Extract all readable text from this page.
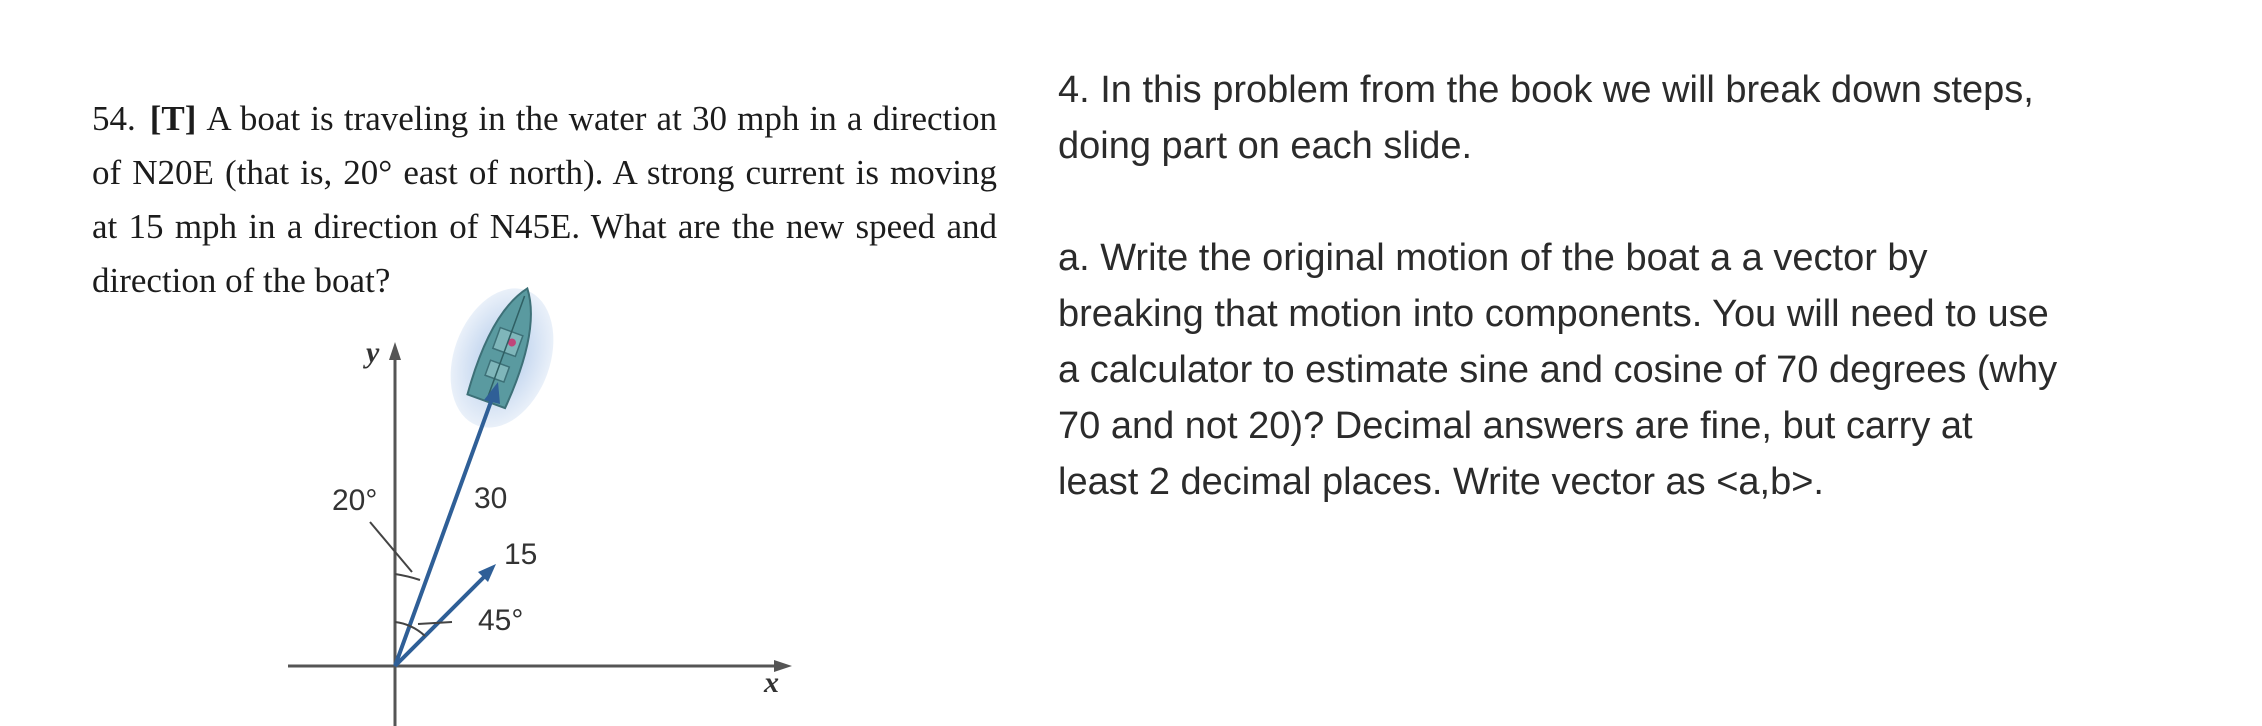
54. [T] A boat is traveling in the water at 30 mph in a direction of N20E (that is, 20° east of north). A strong current is moving at 15 mph in a direction of N45E. What are the new speed and direction of the boat?
y
x
20°	30
15
45°

4. In this problem from the book we will break down steps, doing part on each slide.

a. Write the original motion of the boat a a vector by breaking that motion into components. You will need to use a calculator to estimate sine and cosine of 70 degrees (why 70 and not 20)? Decimal answers are fine, but carry at least 2 decimal places. Write vector as <a,b>.
